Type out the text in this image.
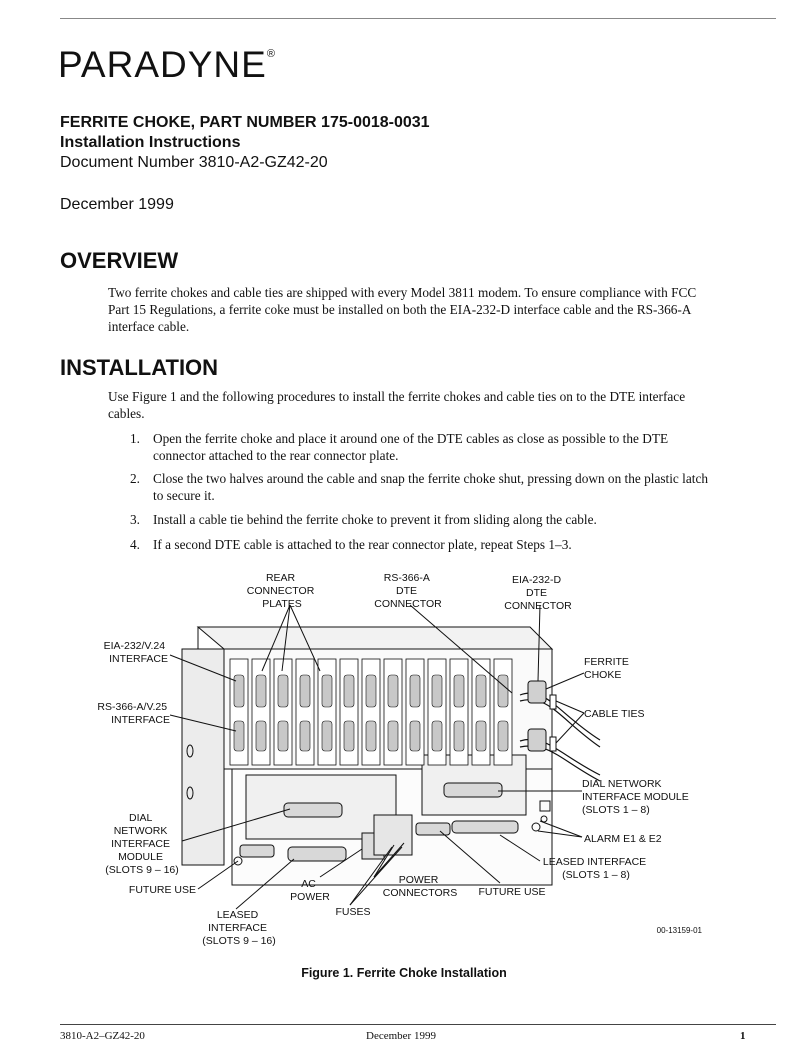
PARADYNE®
FERRITE CHOKE, PART NUMBER 175-0018-0031
Installation Instructions
Document Number 3810-A2-GZ42-20
December 1999
OVERVIEW

Two ferrite chokes and cable ties are shipped with every Model 3811 modem. To ensure compliance with FCC

Part 15 Regulations, a ferrite coke must be installed on both the EIA-232-D interface cable and the RS-366-A

interface cable.

INSTALLATION

Use Figure 1 and the following procedures to install the ferrite chokes and cable ties on to the DTE interface

cables.

1. Open the ferrite choke and place it around one of the DTE cables as close as possible to the DTE
connector attached to the rear connector plate.
2. Close the two halves around the cable and snap the ferrite choke shut, pressing down on the plastic latch
to secure it.
3. Install a cable tie behind the ferrite choke to prevent it from sliding along the cable.
4. If a second DTE cable is attached to the rear connector plate, repeat Steps 1–3.
REAR CONNECTOR PLATES
RS-366-A DTE CONNECTOR
EIA-232-D DTE CONNECTOR
EIA-232/V.24 INTERFACE
RS-366-A/V.25 INTERFACE
FERRITE CHOKE
CABLE TIES
DIAL NETWORK INTERFACE MODULE (SLOTS 1 – 8)
ALARM E1 & E2
DIAL NETWORK INTERFACE MODULE (SLOTS 9 – 16)
LEASED INTERFACE (SLOTS 1 – 8)
FUTURE USE	AC POWER
POWER CONNECTORS FUTURE USE
FUSES
LEASED INTERFACE (SLOTS 9 – 16)
00-13159-01
Figure 1. Ferrite Choke Installation
3810-A2–GZ42-20	December 1999	1
